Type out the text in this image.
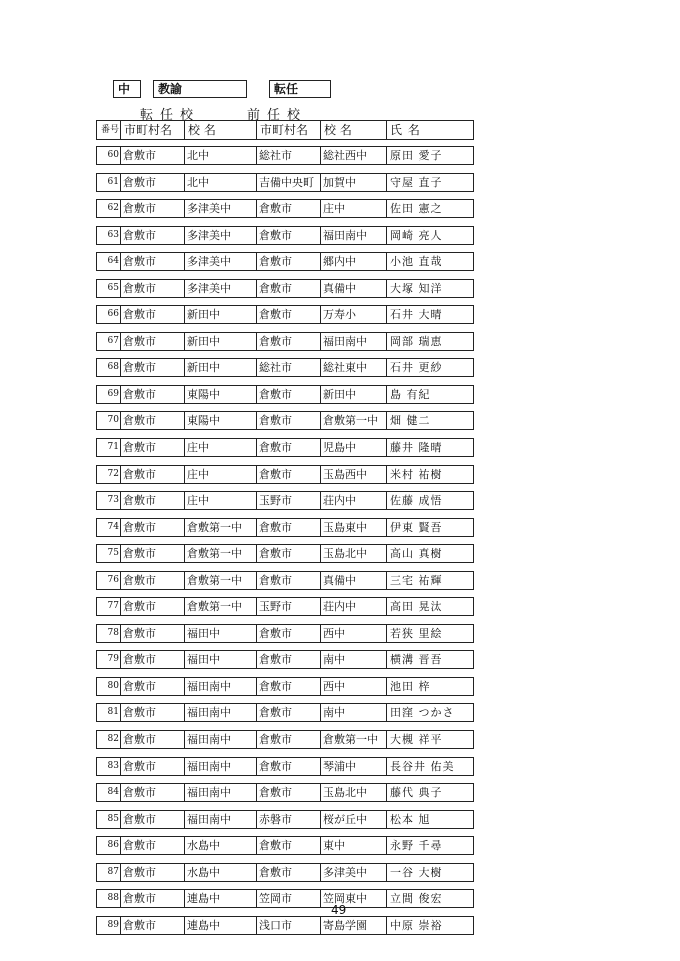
中	教諭	転任
転任校	前任校
番号 市町村名	校 名	市町村名	校 名	氏 名
60 倉敷市	北中	総社市	総社西中	原田 愛子
61 倉敷市	北中	吉備中央町 加賀中	守屋 直子
62 倉敷市	多津美中	倉敷市	庄中	佐田 憲之
63 倉敷市	多津美中	倉敷市	福田南中	岡崎 亮人
64 倉敷市	多津美中	倉敷市	郷内中	小池 直哉
65 倉敷市	多津美中	倉敷市	真備中	大塚 知洋
66 倉敷市	新田中	倉敷市	万寿小	石井 大晴
67 倉敷市	新田中	倉敷市	福田南中	岡部 瑞恵
68 倉敷市	新田中	総社市	総社東中	石井 更紗
69 倉敷市	東陽中	倉敷市	新田中	島 有紀
70 倉敷市	東陽中	倉敷市	倉敷第一中	畑 健二
71 倉敷市	庄中	倉敷市	児島中	藤井 隆晴
72 倉敷市	庄中	倉敷市	玉島西中	米村 祐樹
73 倉敷市	庄中	玉野市	荘内中	佐藤 成悟
74 倉敷市	倉敷第一中	倉敷市	玉島東中	伊東 賢吾
75 倉敷市	倉敷第一中	倉敷市	玉島北中	高山 真樹
76 倉敷市	倉敷第一中	倉敷市	真備中	三宅 祐輝
77 倉敷市	倉敷第一中	玉野市	荘内中	高田 晃汰
78 倉敷市	福田中	倉敷市	西中	若狭 里絵
79 倉敷市	福田中	倉敷市	南中	横溝 晋吾
80 倉敷市	福田南中	倉敷市	西中	池田 梓
81 倉敷市	福田南中	倉敷市	南中	田窪 つかさ
82 倉敷市	福田南中	倉敷市	倉敷第一中	大槻 祥平
83 倉敷市	福田南中	倉敷市	琴浦中	長谷井 佑美
84 倉敷市	福田南中	倉敷市	玉島北中	藤代 典子
85 倉敷市	福田南中	赤磐市	桜が丘中	松本 旭
86 倉敷市	水島中	倉敷市	東中	永野 千尋
87 倉敷市	水島中	倉敷市	多津美中	一谷 大樹
88 倉敷市	連島中	笠岡市	笠岡東中	立間 俊宏
89 倉敷市	連島中	浅口市	寄島学園	中原 崇裕
49
